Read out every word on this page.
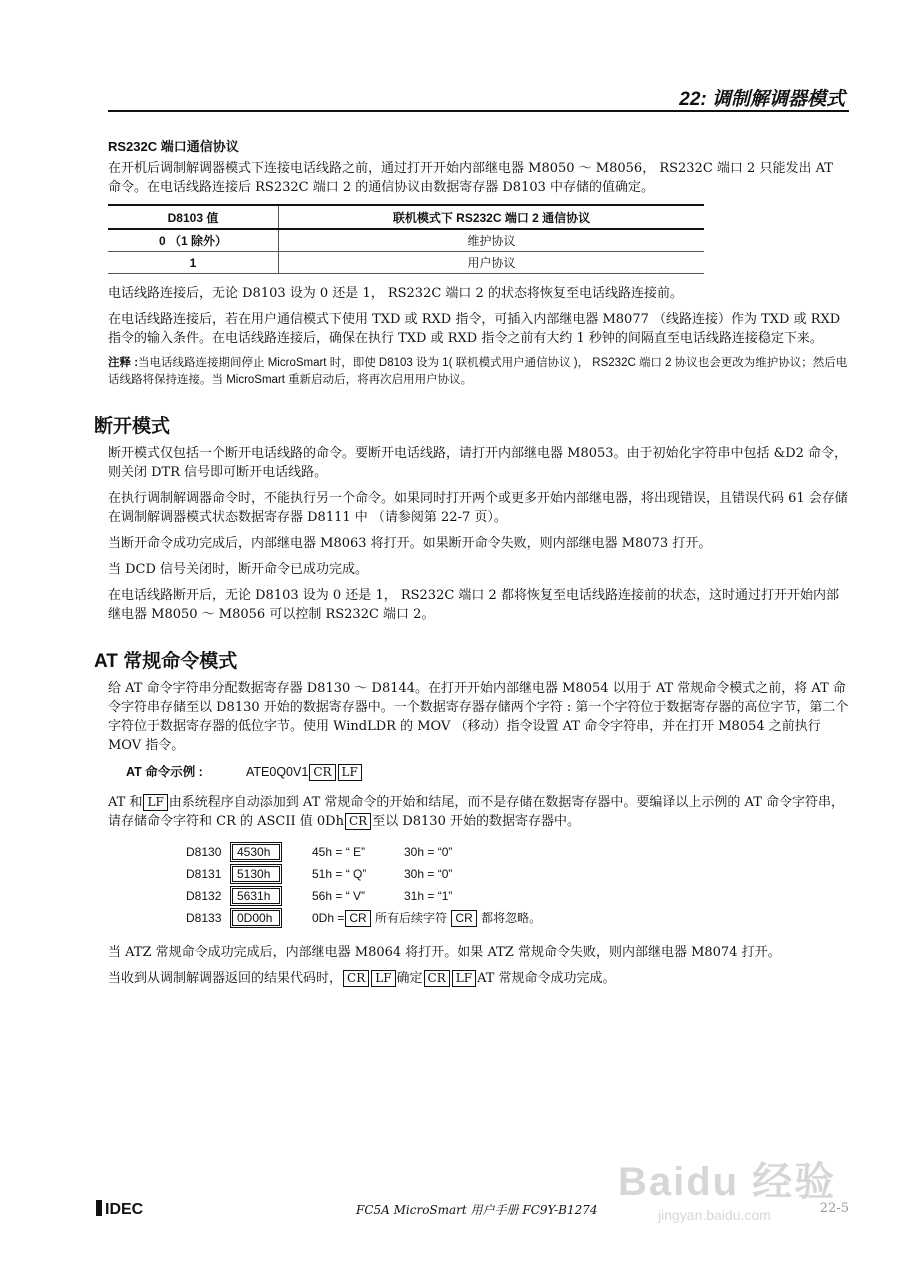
22: 调制解调器模式
RS232C 端口通信协议

在开机后调制解调器模式下连接电话线路之前，通过打开开始内部继电器 M8050 ～ M8056， RS232C 端口 2 只能发出 AT 命令。在电话线路连接后 RS232C 端口 2 的通信协议由数据寄存器 D8103 中存储的值确定。

D8103 值	联机模式下 RS232C 端口 2 通信协议
0 （1 除外）	维护协议
1	用户协议

电话线路连接后，无论 D8103 设为 0 还是 1， RS232C 端口 2 的状态将恢复至电话线路连接前。

在电话线路连接后，若在用户通信模式下使用 TXD 或 RXD 指令，可插入内部继电器 M8077 （线路连接）作为 TXD 或 RXD 指令的输入条件。在电话线路连接后，确保在执行 TXD 或 RXD 指令之前有大约 1 秒钟的间隔直至电话线路连接稳定下来。

注释 :当电话线路连接期间停止 MicroSmart 时，即使 D8103 设为 1( 联机模式用户通信协议 )， RS232C 端口 2 协议也会更改为维护协议；然后电话线路将保持连接。当 MicroSmart 重新启动后，将再次启用用户协议。

断开模式

断开模式仅包括一个断开电话线路的命令。要断开电话线路，请打开内部继电器 M8053。由于初始化字符串中包括 &D2 命令，则关闭 DTR 信号即可断开电话线路。

在执行调制解调器命令时，不能执行另一个命令。如果同时打开两个或更多开始内部继电器，将出现错误，且错误代码 61 会存储在调制解调器模式状态数据寄存器 D8111 中 （请参阅第 22-7 页）。

当断开命令成功完成后，内部继电器 M8063 将打开。如果断开命令失败，则内部继电器 M8073 打开。

当 DCD 信号关闭时，断开命令已成功完成。

在电话线路断开后，无论 D8103 设为 0 还是 1， RS232C 端口 2 都将恢复至电话线路连接前的状态，这时通过打开开始内部继电器 M8050 ～ M8056 可以控制 RS232C 端口 2。

AT 常规命令模式

给 AT 命令字符串分配数据寄存器 D8130 ～ D8144。在打开开始内部继电器 M8054 以用于 AT 常规命令模式之前，将 AT 命令字符串存储至以 D8130 开始的数据寄存器中。一个数据寄存器存储两个字符 : 第一个字符位于数据寄存器的高位字节，第二个字符位于数据寄存器的低位字节。使用 WindLDR 的 MOV （移动）指令设置 AT 命令字符串，并在打开 M8054 之前执行 MOV 指令。

AT 命令示例 :	ATE0Q0V1 CR LF

AT 和 LF 由系统程序自动添加到 AT 常规命令的开始和结尾，而不是存储在数据寄存器中。要编译以上示例的 AT 命令字符串，请存储命令字符和 CR 的 ASCII 值 0Dh CR 至以 D8130 开始的数据寄存器中。

D8130 4530h	45h = “ E”	30h = “0”
D8131 5130h	51h = “ Q”	30h = “0”
D8132 5631h	56h = “ V”	31h = “1”
D8133 0D00h	0Dh = CR 所有后续字符 CR 都将忽略。

当 ATZ 常规命令成功完成后，内部继电器 M8064 将打开。如果 ATZ 常规命令失败，则内部继电器 M8074 打开。

当收到从调制解调器返回的结果代码时， CR LF 确定 CR LF AT 常规命令成功完成。

Baidu 经验
jingyan.baidu.com
IDEC	FC5A MicroSmart 用户手册 FC9Y-B1274	22-5
